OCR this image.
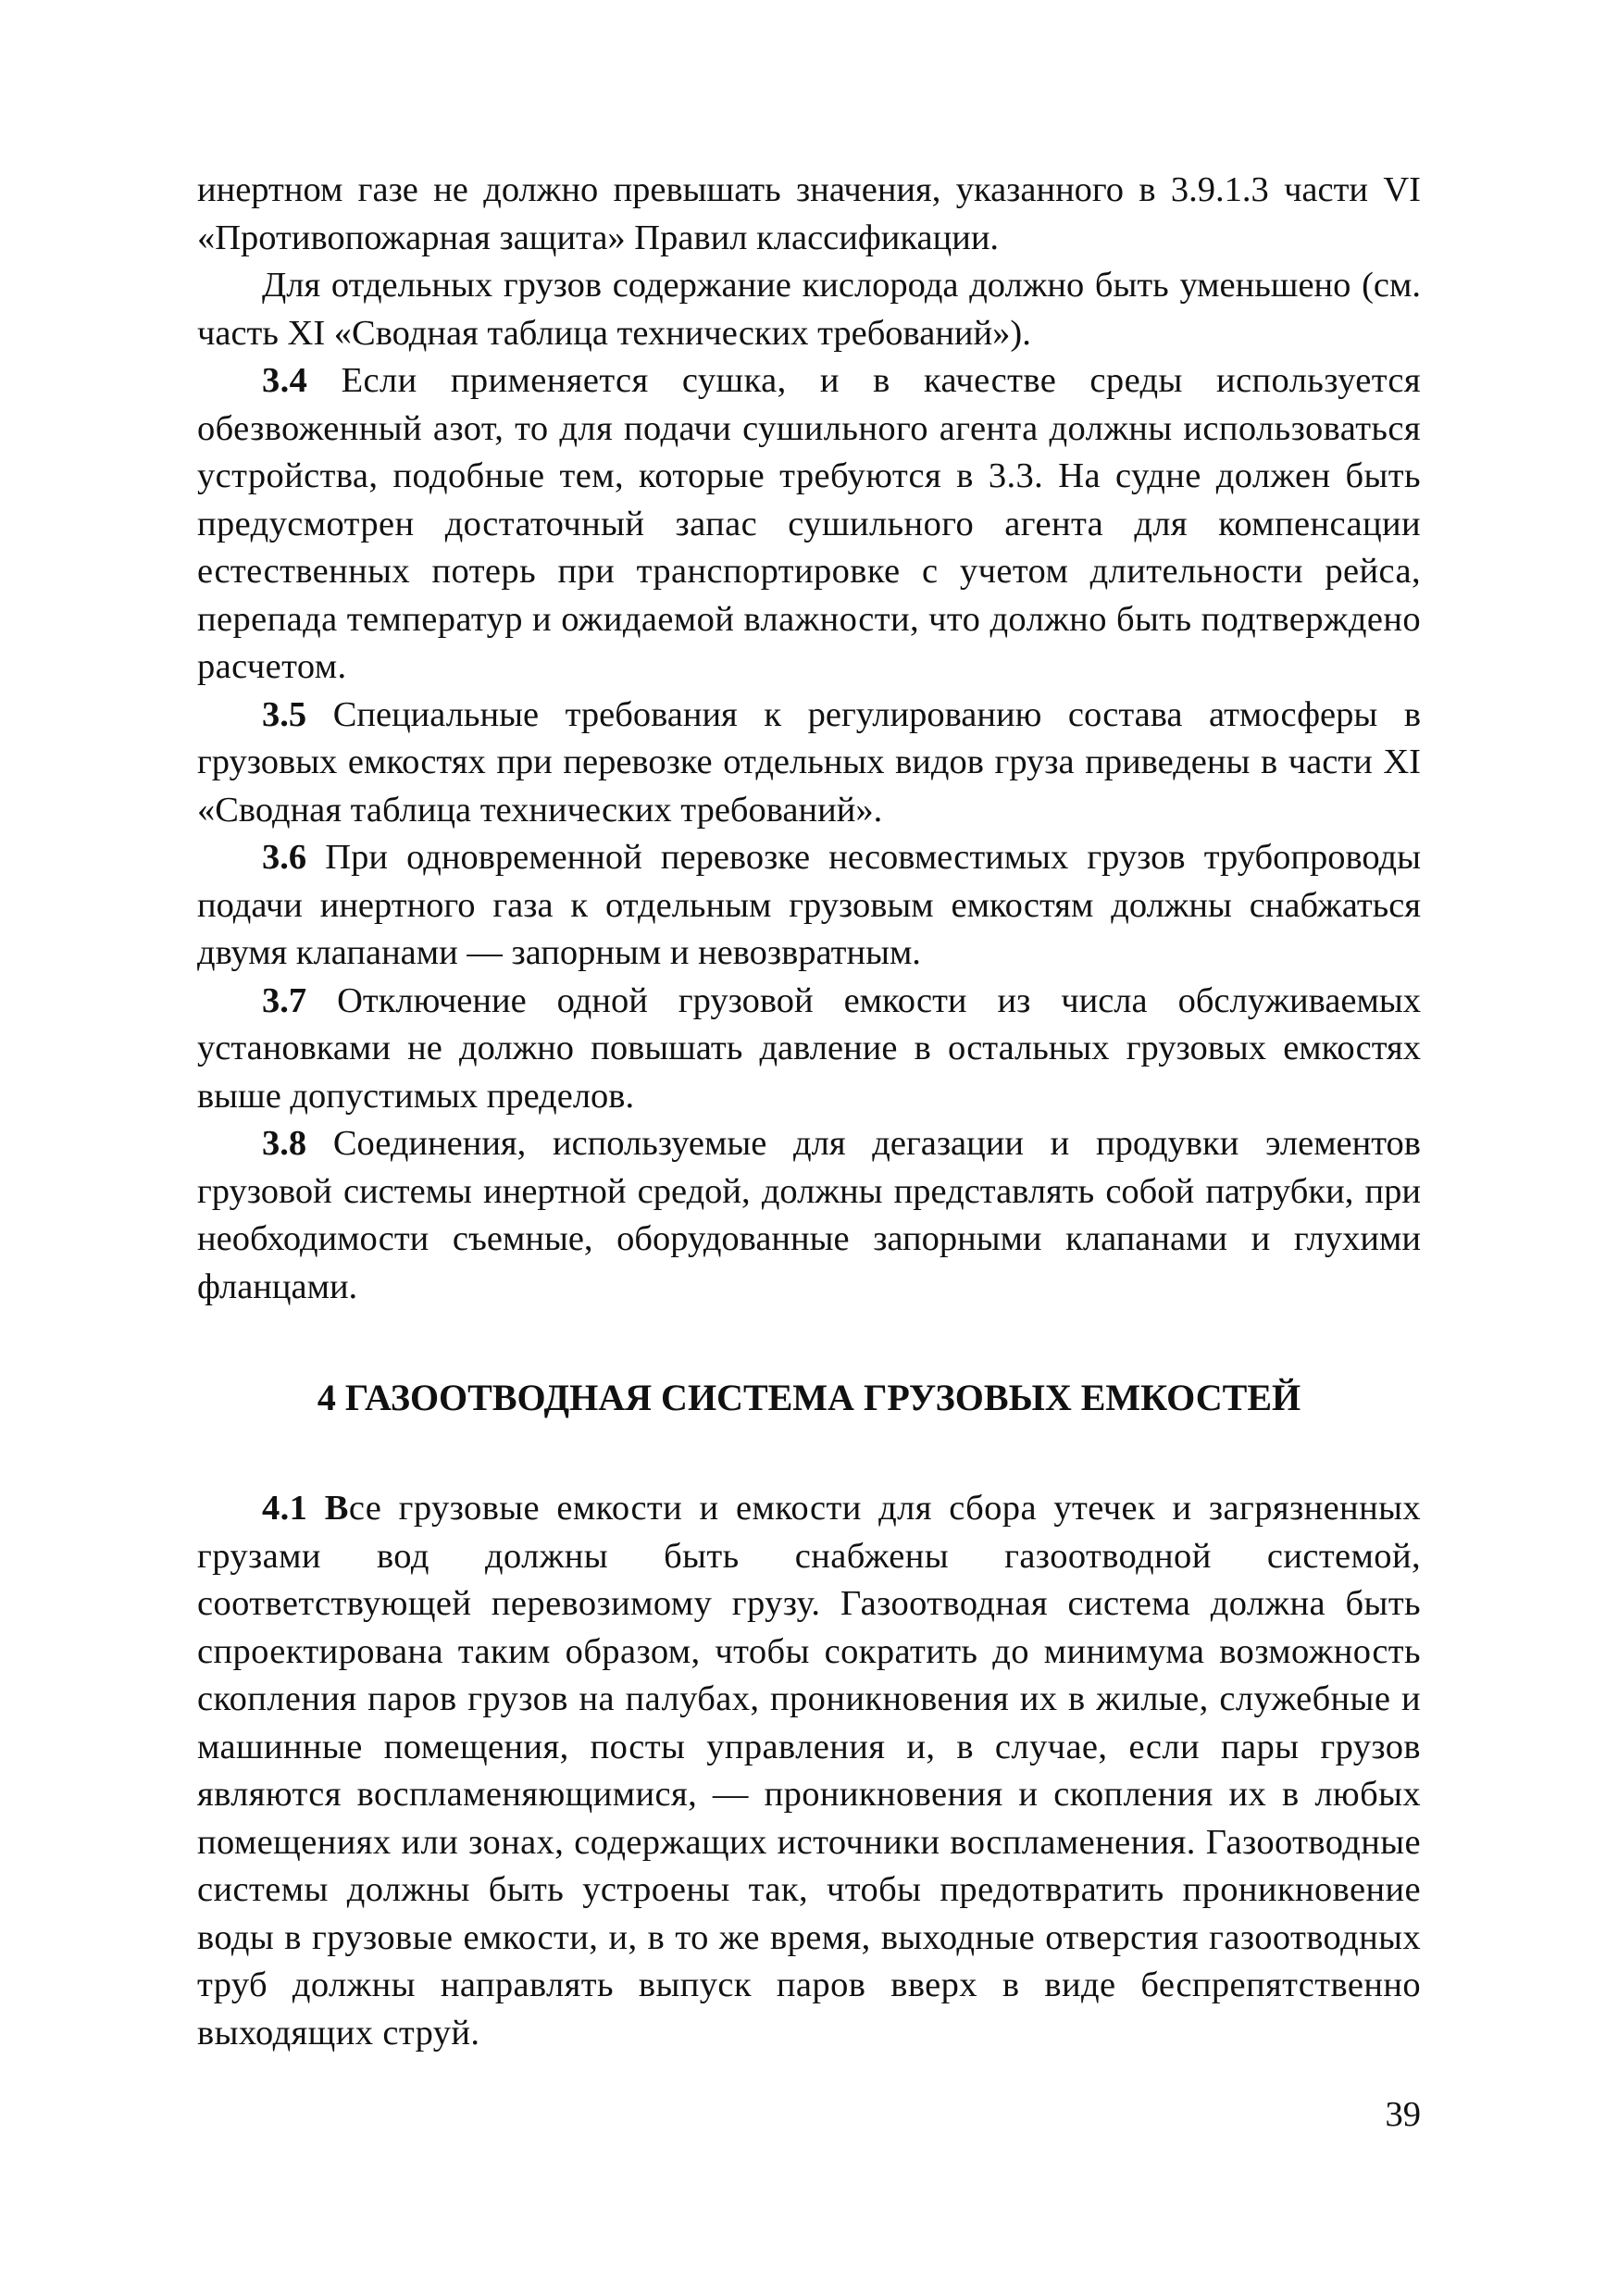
инертном газе не должно превышать значения, указанного в 3.9.1.3 части VI «Противопожарная защита» Правил классификации.

Для отдельных грузов содержание кислорода должно быть уменьшено (см. часть XI «Сводная таблица технических требований»).

3.4 Если применяется сушка, и в качестве среды используется обезвоженный азот, то для подачи сушильного агента должны использоваться устройства, подобные тем, которые требуются в 3.3. На судне должен быть предусмотрен достаточный запас сушильного агента для компенсации естественных потерь при транспортировке с учетом длительности рейса, перепада температур и ожидаемой влажности, что должно быть подтверждено расчетом.

3.5 Специальные требования к регулированию состава атмосферы в грузовых емкостях при перевозке отдельных видов груза приведены в части XI «Сводная таблица технических требований».

3.6 При одновременной перевозке несовместимых грузов трубопроводы подачи инертного газа к отдельным грузовым емкостям должны снабжаться двумя клапанами — запорным и невозвратным.

3.7 Отключение одной грузовой емкости из числа обслуживаемых установками не должно повышать давление в остальных грузовых емкостях выше допустимых пределов.

3.8 Соединения, используемые для дегазации и продувки элементов грузовой системы инертной средой, должны представлять собой патрубки, при необходимости съемные, оборудованные запорными клапанами и глухими фланцами.

4 ГАЗООТВОДНАЯ СИСТЕМА ГРУЗОВЫХ ЕМКОСТЕЙ

4.1 Все грузовые емкости и емкости для сбора утечек и загрязненных грузами вод должны быть снабжены газоотводной системой, соответствующей перевозимому грузу. Газоотводная система должна быть спроектирована таким образом, чтобы сократить до минимума возможность скопления паров грузов на палубах, проникновения их в жилые, служебные и машинные помещения, посты управления и, в случае, если пары грузов являются воспламеняющимися, — проникновения и скопления их в любых помещениях или зонах, содержащих источники воспламенения. Газоотводные системы должны быть устроены так, чтобы предотвратить проникновение воды в грузовые емкости, и, в то же время, выходные отверстия газоотводных труб должны направлять выпуск паров вверх в виде беспрепятственно выходящих струй.

39
